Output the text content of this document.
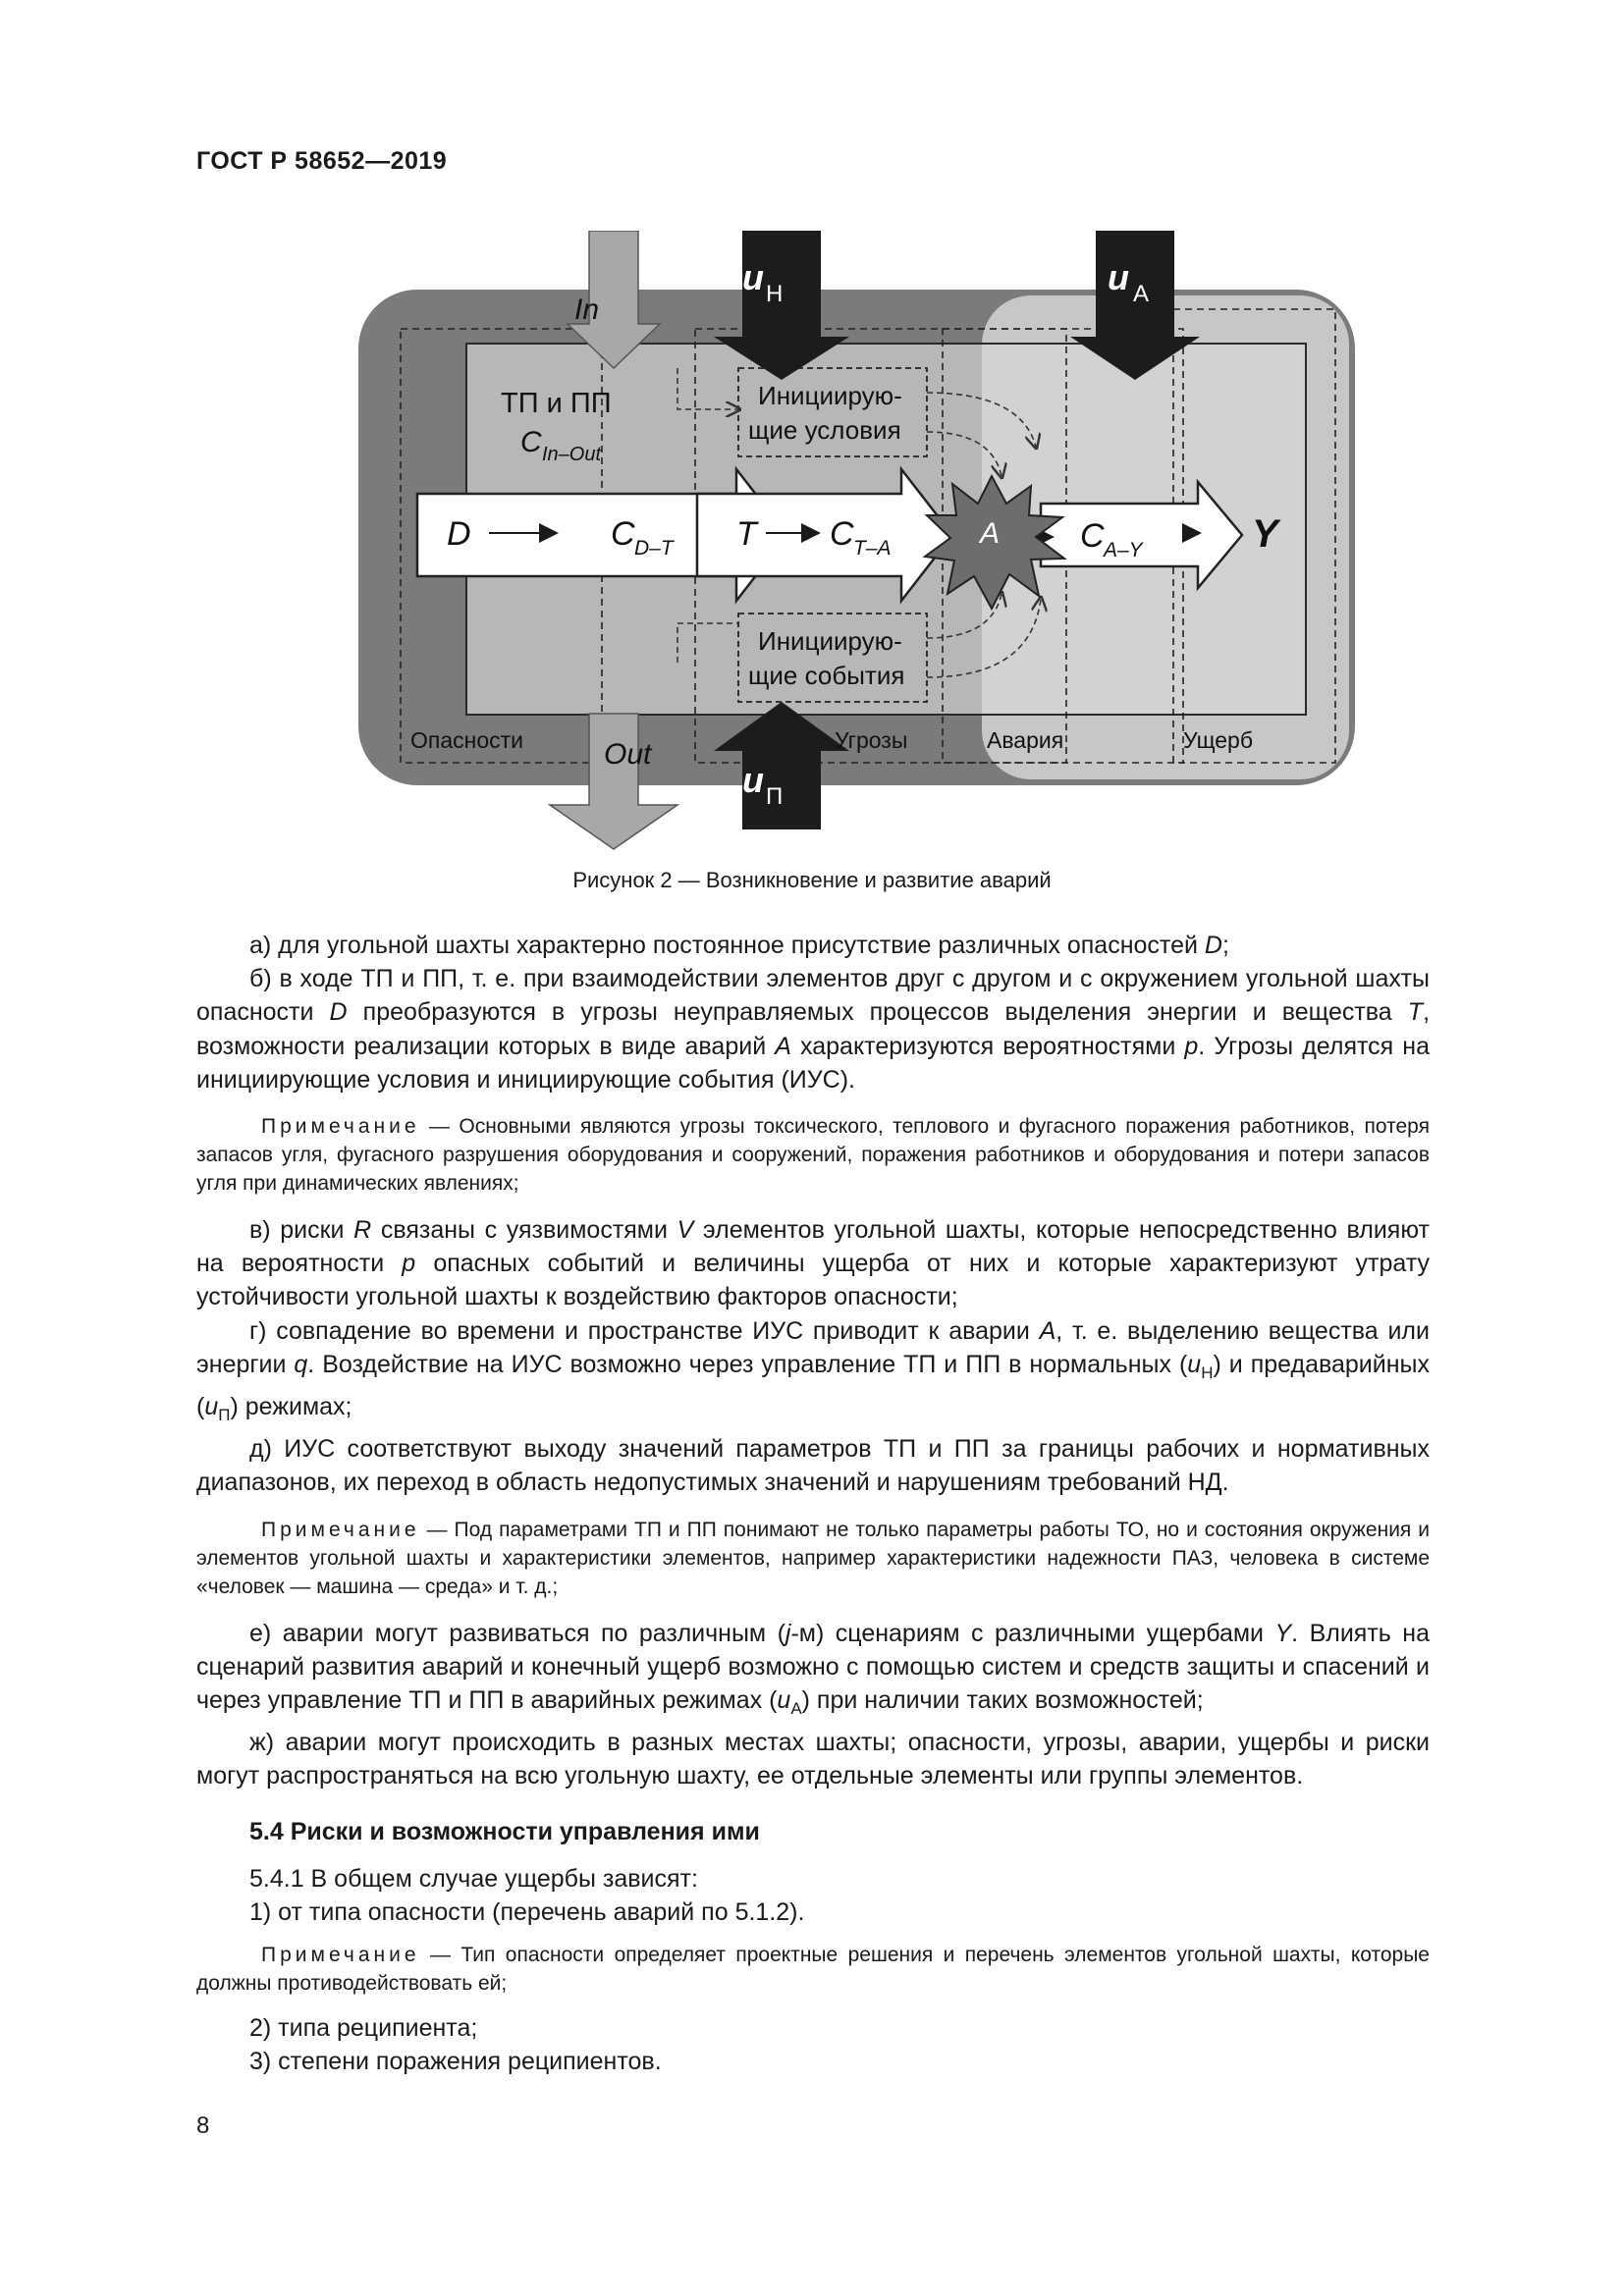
ГОСТ Р 58652—2019
In
Out
u Н	u А
u П
ТП и ПП
C In–Out
Инициирую-
щие условия
Инициирую-
щие события
D	C D–T T C T–A	A C A–Y	Y
Опасности	Угрозы	Авария	Ущерб
Рисунок 2 — Возникновение и развитие аварий

а) для угольной шахты характерно постоянное присутствие различных опасностей D;

б) в ходе ТП и ПП, т. е. при взаимодействии элементов друг с другом и с окружением угольной шахты опасности D преобразуются в угрозы неуправляемых процессов выделения энергии и вещества T, возможности реализации которых в виде аварий A характеризуются вероятностями p. Угрозы делятся на инициирующие условия и инициирующие события (ИУС).

Примечание — Основными являются угрозы токсического, теплового и фугасного поражения работников, потеря запасов угля, фугасного разрушения оборудования и сооружений, поражения работников и оборудования и потери запасов угля при динамических явлениях;

в) риски R связаны с уязвимостями V элементов угольной шахты, которые непосредственно влияют на вероятности p опасных событий и величины ущерба от них и которые характеризуют утрату устойчивости угольной шахты к воздействию факторов опасности;

г) совпадение во времени и пространстве ИУС приводит к аварии A, т. е. выделению вещества или энергии q. Воздействие на ИУС возможно через управление ТП и ПП в нормальных $(u_Н)$ и предаварийных $(u_П)$ режимах;

д) ИУС соответствуют выходу значений параметров ТП и ПП за границы рабочих и нормативных диапазонов, их переход в область недопустимых значений и нарушениям требований НД.

Примечание — Под параметрами ТП и ПП понимают не только параметры работы ТО, но и состояния окружения и элементов угольной шахты и характеристики элементов, например характеристики надежности ПАЗ, человека в системе «человек — машина — среда» и т. д.;

е) аварии могут развиваться по различным (j-м) сценариям с различными ущербами Y. Влиять на сценарий развития аварий и конечный ущерб возможно с помощью систем и средств защиты и спасений и через управление ТП и ПП в аварийных режимах $(u_А)$ при наличии таких возможностей;

ж) аварии могут происходить в разных местах шахты; опасности, угрозы, аварии, ущербы и риски могут распространяться на всю угольную шахту, ее отдельные элементы или группы элементов.

5.4 Риски и возможности управления ими

5.4.1 В общем случае ущербы зависят:

1) от типа опасности (перечень аварий по 5.1.2).

Примечание — Тип опасности определяет проектные решения и перечень элементов угольной шахты, которые должны противодействовать ей;

2) типа реципиента;

3) степени поражения реципиентов.

8
